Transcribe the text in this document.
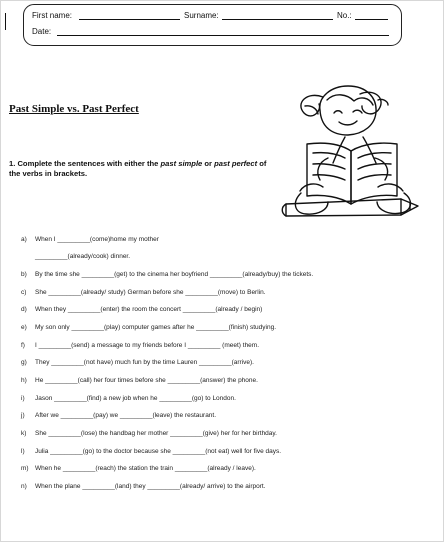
First name:	Surname:	No.:
Date:
Past Simple vs. Past Perfect
1. Complete the sentences with either the past simple or past perfect of the verbs in brackets.
a) When I _________(come)home my mother
_________(already/cook) dinner.
b) By the time she _________(get) to the cinema her boyfriend _________(already/buy) the tickets.
c) She _________(already/ study) German before she _________(move) to Berlin.
d) When they _________(enter) the room the concert _________(already / begin)
e) My son only _________(play) computer games after he _________(finish) studying.
f) I _________(send) a message to my friends before I _________ (meet) them.
g) They _________(not have) much fun by the time Lauren _________(arrive).
h) He _________(call) her four times before she _________(answer) the phone.
i) Jason _________(find) a new job when he _________(go) to London.
j) After we _________(pay) we _________(leave) the restaurant.
k) She _________(lose) the handbag her mother _________(give) her for her birthday.
l) Julia _________(go) to the doctor because she _________(not eat) well for five days.
m) When he _________(reach) the station the train _________(already / leave).
n) When the plane _________(land) they _________(already/ arrive) to the airport.
